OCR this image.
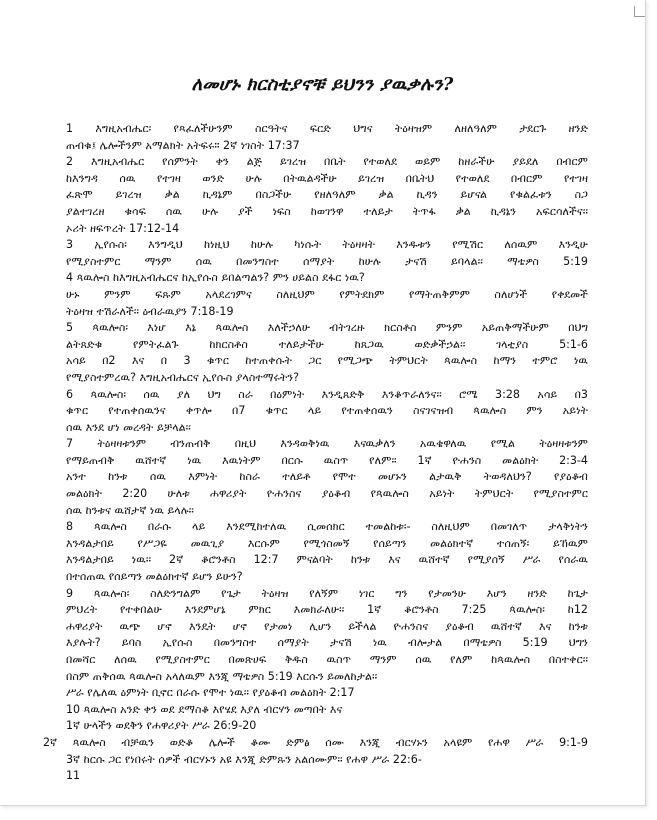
ለመሆኑ ክርስቲያኖቹ ይህንን ያዉቃሉን?
1 እግዚአብሔር፡ የጻፈለችሁንም ስርዓትና ፍርድ ህግና ትዕዛዝም ለዘለዓለም ታደርጉ ዘንድ
ጠብቁ፤ ሌሎችንም አማልክት አትፍሩ። 2ኛ ነገስት 17:37
2 እግዚአብሔር የሰምንት ቀን ልጅ ይገረዝ በቤት የተወለደ ወይም ከዘራችሁ ያይደለ በብርም
ከእንግዳ ሰዉ የተገዛ ወንድ ሁሉ በትዉልዳችሁ ይገረዝ በቤትህ የተወለደ በብርም የተገዛ
ፈጽሞ ይገረዝ ቃል ኪዳኔም በስጋችሁ የዘለዓለም ቃል ኪዳን ይሆናል የቁልፈቱን ስጋ
ያልተገረዘ ቁሳፍ ሰዉ ሁሉ ያች ነፍስ ከወገንዋ ተለይታ ትጥፋ ቃል ኪዳኔን አፍርሳለችና፡፡
ኦሪት ዘፍጥረት 17:12-14
3 ኢየሱስ፡ እንግዲህ ከነዚህ ከሁሉ ካነሱት ትዕዛዛት እንዱቱን የሚሽር ለሰዉም እንዲሁ
የሚያስተምር ማንም ሰዉ በመንግስተ ሰማያት ከሁሉ ታናሽ ይባላል፡፡ ማቴዎስ 5:19
4 ጳዉሎስ ከእግዚአብሔርና ከኢየሱስ ይበልጣልን? ምን ሀይልስ ደፋር ነዉ?
ሁኑ ምንም ፍጹም አላደረገምና ስለዚህም የምትደክም የማትጠቅምም ስለሆነች የቀደመች
ትዕዛዝ ተሽራለች፡፡ ዕብራዉያን 7:18-19
5 ጳዉሎስ፡ እነሆ እኔ ጳዉሎስ እለችኃለሁ ብትገረዙ ክርስቶስ ምንም አይጠቅማችሁም በህግ
ልትጸድቁ የምትፈልጉ ከክርስቶስ ተለይታችሁ ከጸጋዉ ወድቃችኃል፡፡ ገላቲያስ 5:1-6
አሳይ በ2 እና በ 3 ቁጥር ከተጠቀሱት ጋር የሚጋጭ ትምህርት ጳዉሎስ ከማን ተምሮ ነዉ
የሚያስተምረዉ? እግዚአብሔርና ኢየሱስ ያላስተማሩትን?
6 ጳዉሎስ፡ ሰዉ ያለ ህግ ስራ በዕምነት እንዲጸድቅ እንቆጥራለንና፡፡ ሮሜ 3:28 አሳይ በ3
ቁጥር የተጠቀሰዉንና ቀጥሎ በ7 ቁጥር ላይ የተጠቀሰዉን ስናገናዝብ ጳዉሎስ ምን አይነት
ሰዉ እንደ ሆነ መረዳት ይቻላል፡፡
7 ትዕዛዛቱንም ብንጠብቅ በዚህ እንዳወቅነዉ እናዉቃለን አዉቄዋለዉ የሚል ትዕዛዛቱንም
የማይጠብቅ ዉሸተኛ ነዉ እዉነትም በርሱ ዉስጥ የለም፡፡ 1ኛ ዮሐንስ መልዕክት 2:3-4
አንተ ከንቱ ሰዉ እምነት ከስራ ተለይቶ የሞተ መሆኑን ልታዉቅ ትወዳለህን? የያዕቆብ
መልዕክት 2:20 ሁለቱ ሐዋሪያት ዮሐንስና ያዕቆብ የጳዉሎስ አይነት ትምህርት የሚያስተምር
ሰዉ ከንቱና ዉሸታኛ ነዉ ይላሉ፡፡
8 ጳዉሎስ በራሱ ላይ እንደሚከተለዉ ሲመሰክር ተመልከቱ፡- ስለዚህም በመገለጥ ታላቅነትን
እንዳልታበይ የሥጋዬ መዉጊያ እርሱም የሚጎስመኝ የሰይጣን መልዕክተኛ ተሰጠኝ፡ ይኸዉም
እንዳልታበይ ነዉ፡፡ 2ኛ ቆሮንቶስ 12:7 ምናልባት ከንቱ እና ዉሸተኛ የሚያሰኝ ሥራ የሰራዉ
በተሰጠዉ የሰይጣን መልዕክተኛ ይሆን ይሁን?
9 ጳዉሎስ፡ ስለድንግልም የጌታ ትዕዛዝ የለኝም ነገር ግን የታመንሁ እሆን ዘንድ ከጌታ
ምህረት የተቀበልሁ እንደምሆኔ ምክር እመክራለሁ፡፡ 1ኛ ቆሮንቶስ 7:25 ጳዉሎስ፡ ከ12
ሐዋሪያት ዉጭ ሆኖ እንዴት ሆኖ የታመነ ሊሆን ይችላል ዮሐንስና ያዕቆብ ዉሸተኛ እና ከንቱ
እያሉት? ይባስ ኢየሱስ በመንግስተ ሰማያት ታናሽ ነዉ ብሎታል በማቴዎስ 5:19 ህግን
በመሻር ለሰዉ የሚያስተምር በመጽሀፍ ቅዱስ ዉስጥ ማንም ሰዉ የለም ከጳዉሎስ በስተቀር፡፡
በስም ጠቅሰዉ ጳዉሎስ አላለዉም እንጂ ማቴዎስ 5:19 እርሱን ይመለከታል፡፡
ሥራ የሌለዉ ዕምነት ቢኖር በራሱ የሞተ ነዉ፡፡ የያዕቆብ መልዕክት 2:17
10 ጳዉሎስ አንድ ቀን ወደ ደማስቆ እየሄደ እያለ ብርሃን መጣበት እና
1ኛ ሁላችን ወደቅን የሐዋሪያት ሥራ 26:9-20
2ኛ ጳዉሎስ ብቻዉን ወድቆ ሌሎች ቆሙ ድምፅ ሰሙ እንጂ ብርሃኑን አላዩም የሐዋ ሥራ 9:1-9
3ኛ ከርሱ ጋር የነበሩት ሰዎች ብርሃኑን አዩ እንጂ ድምጹን አልሰሙም፡፡ የሐዋ ሥራ 22:6-
11
